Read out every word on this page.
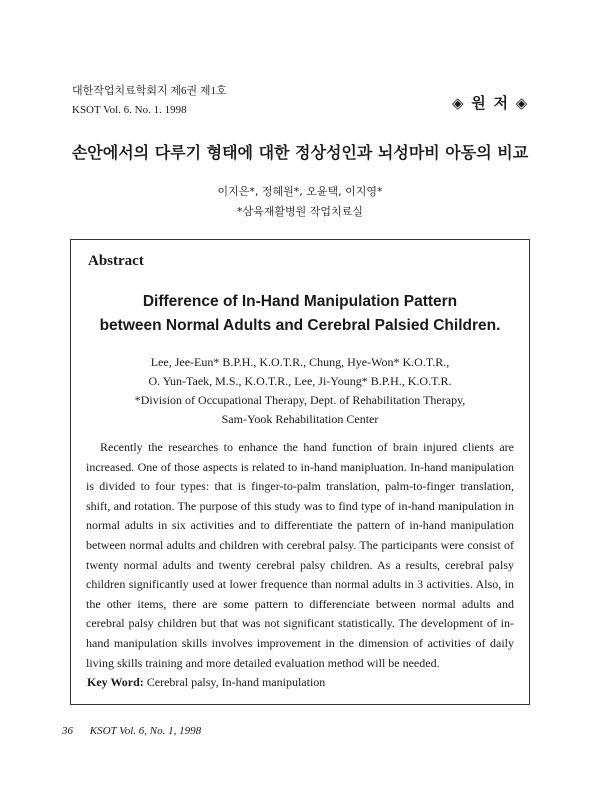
대한작업치료학회지 제6권 제1호
KSOT Vol. 6. No. 1. 1998	◈ 원 저 ◈
손안에서의 다루기 형태에 대한 정상성인과 뇌성마비 아동의 비교
이지은*, 정혜원*, 오윤택, 이지영*
*삼육재활병원 작업치료실
Abstract
Difference of In-Hand Manipulation Pattern
between Normal Adults and Cerebral Palsied Children.
Lee, Jee-Eun* B.P.H., K.O.T.R., Chung, Hye-Won* K.O.T.R.,
O. Yun-Taek, M.S., K.O.T.R., Lee, Ji-Young* B.P.H., K.O.T.R.
*Division of Occupational Therapy, Dept. of Rehabilitation Therapy,
Sam-Yook Rehabilitation Center

Recently the researches to enhance the hand function of brain injured clients are increased. One of those aspects is related to in-hand manipluation. In-hand manipulation is divided to four types: that is finger-to-palm translation, palm-to-finger translation, shift, and rotation. The purpose of this study was to find type of in-hand manipulation in normal adults in six activities and to differentiate the pattern of in-hand manipulation between normal adults and children with cerebral palsy. The participants were consist of twenty normal adults and twenty cerebral palsy children. As a results, cerebral palsy children significantly used at lower frequence than normal adults in 3 activities. Also, in the other items, there are some pattern to differenciate between normal adults and cerebral palsy children but that was not significant statistically. The development of in-hand manipulation skills involves improvement in the dimension of activities of daily living skills training and more detailed evaluation method will be needed.

Key Word: Cerebral palsy, In-hand manipulation
36 KSOT Vol. 6, No. 1, 1998
